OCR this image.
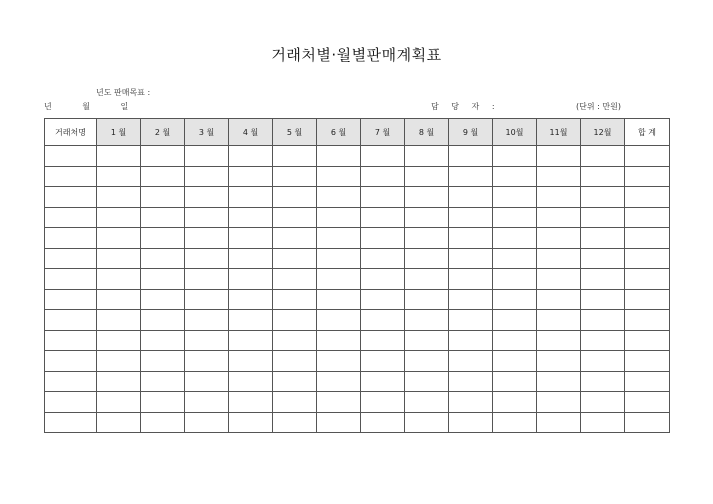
거래처별·월별판매계획표
년도 판매목표 :
년 월 일	담 당 자 :	(단위 : 만원)
거래처명	1 월	2 월	3 월	4 월	5 월	6 월	7 월	8 월	9 월	10월	11월	12월	합 계
